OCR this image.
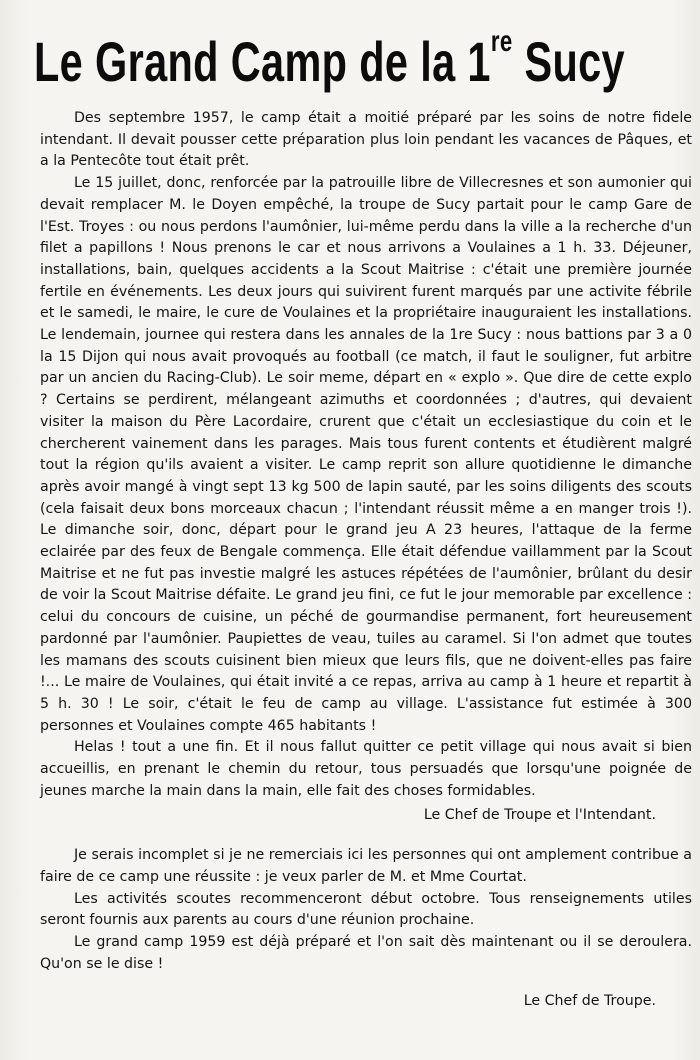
Le Grand Camp de la 1re Sucy

Des septembre 1957, le camp était a moitié préparé par les soins de notre fidele intendant. Il devait pousser cette préparation plus loin pendant les vacances de Pâques, et a la Pentecôte tout était prêt.

Le 15 juillet, donc, renforcée par la patrouille libre de Villecresnes et son aumonier qui devait remplacer M. le Doyen empêché, la troupe de Sucy partait pour le camp Gare de l'Est. Troyes : ou nous perdons l'aumônier, lui-même perdu dans la ville a la recherche d'un filet a papillons ! Nous prenons le car et nous arrivons a Voulaines a 1 h. 33. Déjeuner, installations, bain, quelques accidents a la Scout Maitrise : c'était une première journée fertile en événements. Les deux jours qui suivirent furent marqués par une activite fébrile et le samedi, le maire, le cure de Voulaines et la propriétaire inauguraient les installations. Le lendemain, journee qui restera dans les annales de la 1re Sucy : nous battions par 3 a 0 la 15 Dijon qui nous avait provoqués au football (ce match, il faut le souligner, fut arbitre par un ancien du Racing-Club). Le soir meme, départ en « explo ». Que dire de cette explo ? Certains se perdirent, mélangeant azimuths et coordonnées ; d'autres, qui devaient visiter la maison du Père Lacordaire, crurent que c'était un ecclesiastique du coin et le chercherent vainement dans les parages. Mais tous furent contents et étudièrent malgré tout la région qu'ils avaient a visiter. Le camp reprit son allure quotidienne le dimanche après avoir mangé à vingt sept 13 kg 500 de lapin sauté, par les soins diligents des scouts (cela faisait deux bons morceaux chacun ; l'intendant réussit même a en manger trois !). Le dimanche soir, donc, départ pour le grand jeu A 23 heures, l'attaque de la ferme eclairée par des feux de Bengale commença. Elle était défendue vaillamment par la Scout Maitrise et ne fut pas investie malgré les astuces répétées de l'aumônier, brûlant du desir de voir la Scout Maitrise défaite. Le grand jeu fini, ce fut le jour memorable par excellence : celui du concours de cuisine, un péché de gourmandise permanent, fort heureusement pardonné par l'aumônier. Paupiettes de veau, tuiles au caramel. Si l'on admet que toutes les mamans des scouts cuisinent bien mieux que leurs fils, que ne doivent-elles pas faire !... Le maire de Voulaines, qui était invité a ce repas, arriva au camp à 1 heure et repartit à 5 h. 30 ! Le soir, c'était le feu de camp au village. L'assistance fut estimée à 300 personnes et Voulaines compte 465 habitants !

Helas ! tout a une fin. Et il nous fallut quitter ce petit village qui nous avait si bien accueillis, en prenant le chemin du retour, tous persuadés que lorsqu'une poignée de jeunes marche la main dans la main, elle fait des choses formidables.

Le Chef de Troupe et l'Intendant.

Je serais incomplet si je ne remerciais ici les personnes qui ont amplement contribue a faire de ce camp une réussite : je veux parler de M. et Mme Courtat.

Les activités scoutes recommenceront début octobre. Tous renseignements utiles seront fournis aux parents au cours d'une réunion prochaine.

Le grand camp 1959 est déjà préparé et l'on sait dès maintenant ou il se deroulera. Qu'on se le dise !

Le Chef de Troupe.
